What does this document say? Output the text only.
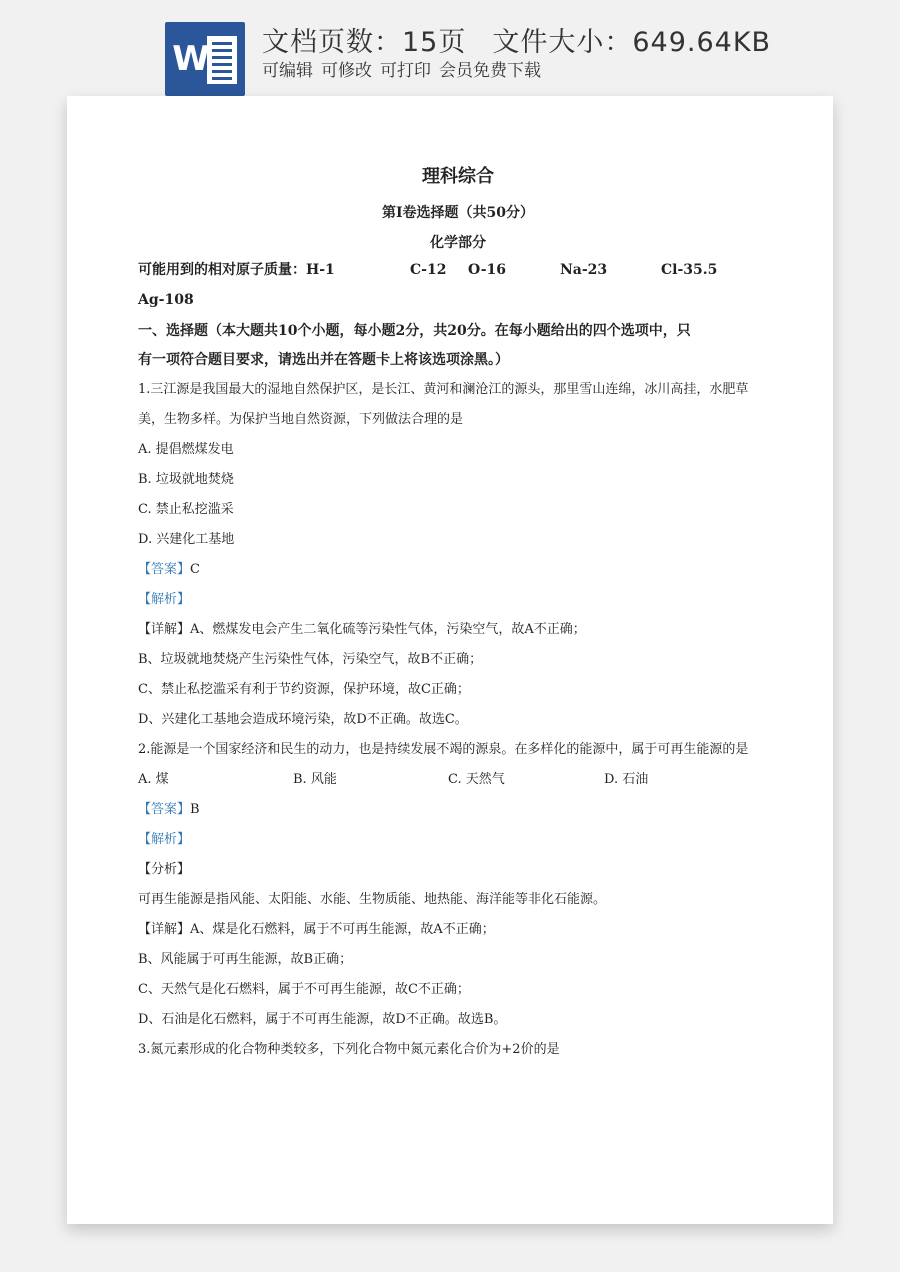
W 文档页数：15页 文件大小：649.64KB
可编辑 可修改 可打印 会员免费下载
理科综合
第Ⅰ卷选择题（共50分）
化学部分
可能用到的相对原子质量：H-1	C-12 O-16	Na-23	Cl-35.5
Ag-108
一、选择题（本大题共10个小题，每小题2分，共20分。在每小题给出的四个选项中，只
有一项符合题目要求，请选出并在答题卡上将该选项涂黑。）
1.三江源是我国最大的湿地自然保护区，是长江、黄河和澜沧江的源头，那里雪山连绵，冰川高挂，水肥草
美，生物多样。为保护当地自然资源，下列做法合理的是
A. 提倡燃煤发电
B. 垃圾就地焚烧
C. 禁止私挖滥采
D. 兴建化工基地
【答案】C
【解析】
【详解】A、燃煤发电会产生二氧化硫等污染性气体，污染空气，故A不正确；
B、垃圾就地焚烧产生污染性气体，污染空气，故B不正确；
C、禁止私挖滥采有利于节约资源，保护环境，故C正确；
D、兴建化工基地会造成环境污染，故D不正确。故选C。
2.能源是一个国家经济和民生的动力，也是持续发展不竭的源泉。在多样化的能源中，属于可再生能源的是
A. 煤	B. 风能	C. 天然气	D. 石油
【答案】B
【解析】
【分析】
可再生能源是指风能、太阳能、水能、生物质能、地热能、海洋能等非化石能源。
【详解】A、煤是化石燃料，属于不可再生能源，故A不正确；
B、风能属于可再生能源，故B正确；
C、天然气是化石燃料，属于不可再生能源，故C不正确；
D、石油是化石燃料，属于不可再生能源，故D不正确。故选B。
3.氮元素形成的化合物种类较多，下列化合物中氮元素化合价为+2价的是
